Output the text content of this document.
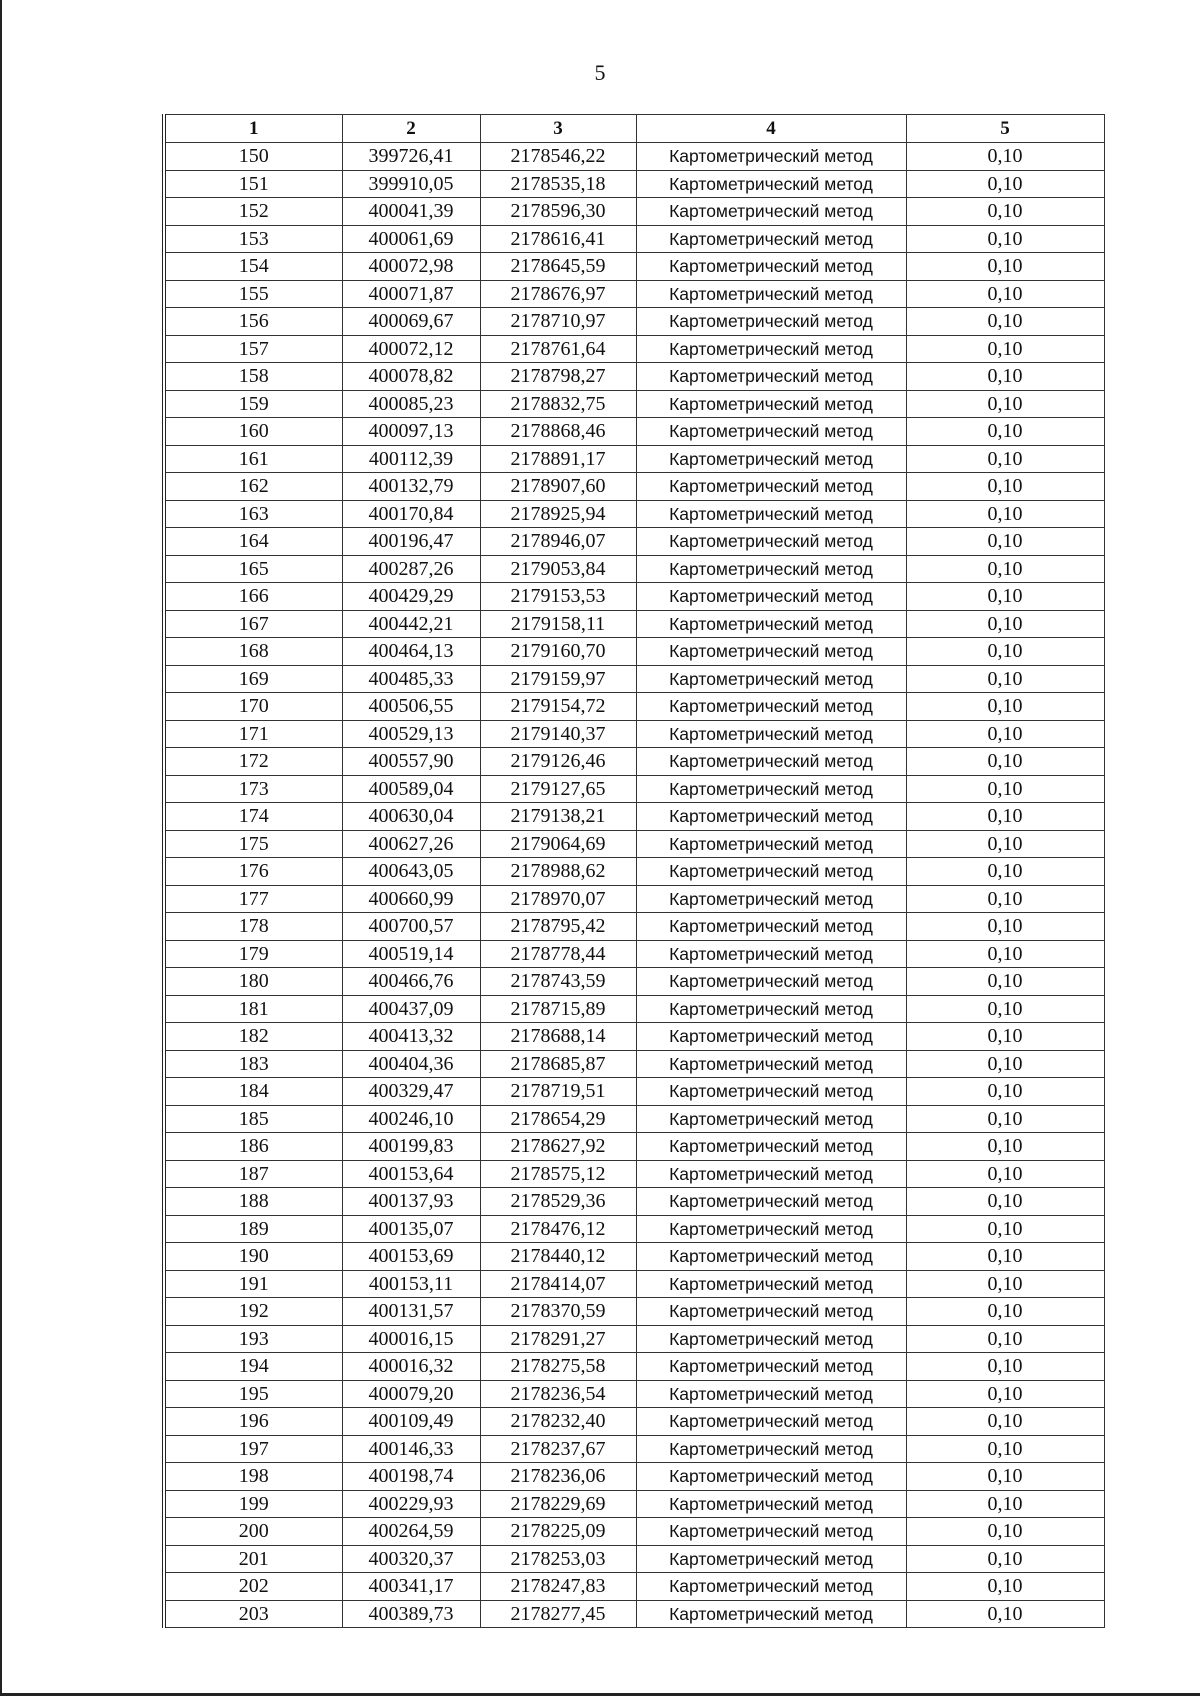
5
1	2	3	4	5
150	399726,41	2178546,22	Картометрический метод	0,10
151	399910,05	2178535,18	Картометрический метод	0,10
152	400041,39	2178596,30	Картометрический метод	0,10
153	400061,69	2178616,41	Картометрический метод	0,10
154	400072,98	2178645,59	Картометрический метод	0,10
155	400071,87	2178676,97	Картометрический метод	0,10
156	400069,67	2178710,97	Картометрический метод	0,10
157	400072,12	2178761,64	Картометрический метод	0,10
158	400078,82	2178798,27	Картометрический метод	0,10
159	400085,23	2178832,75	Картометрический метод	0,10
160	400097,13	2178868,46	Картометрический метод	0,10
161	400112,39	2178891,17	Картометрический метод	0,10
162	400132,79	2178907,60	Картометрический метод	0,10
163	400170,84	2178925,94	Картометрический метод	0,10
164	400196,47	2178946,07	Картометрический метод	0,10
165	400287,26	2179053,84	Картометрический метод	0,10
166	400429,29	2179153,53	Картометрический метод	0,10
167	400442,21	2179158,11	Картометрический метод	0,10
168	400464,13	2179160,70	Картометрический метод	0,10
169	400485,33	2179159,97	Картометрический метод	0,10
170	400506,55	2179154,72	Картометрический метод	0,10
171	400529,13	2179140,37	Картометрический метод	0,10
172	400557,90	2179126,46	Картометрический метод	0,10
173	400589,04	2179127,65	Картометрический метод	0,10
174	400630,04	2179138,21	Картометрический метод	0,10
175	400627,26	2179064,69	Картометрический метод	0,10
176	400643,05	2178988,62	Картометрический метод	0,10
177	400660,99	2178970,07	Картометрический метод	0,10
178	400700,57	2178795,42	Картометрический метод	0,10
179	400519,14	2178778,44	Картометрический метод	0,10
180	400466,76	2178743,59	Картометрический метод	0,10
181	400437,09	2178715,89	Картометрический метод	0,10
182	400413,32	2178688,14	Картометрический метод	0,10
183	400404,36	2178685,87	Картометрический метод	0,10
184	400329,47	2178719,51	Картометрический метод	0,10
185	400246,10	2178654,29	Картометрический метод	0,10
186	400199,83	2178627,92	Картометрический метод	0,10
187	400153,64	2178575,12	Картометрический метод	0,10
188	400137,93	2178529,36	Картометрический метод	0,10
189	400135,07	2178476,12	Картометрический метод	0,10
190	400153,69	2178440,12	Картометрический метод	0,10
191	400153,11	2178414,07	Картометрический метод	0,10
192	400131,57	2178370,59	Картометрический метод	0,10
193	400016,15	2178291,27	Картометрический метод	0,10
194	400016,32	2178275,58	Картометрический метод	0,10
195	400079,20	2178236,54	Картометрический метод	0,10
196	400109,49	2178232,40	Картометрический метод	0,10
197	400146,33	2178237,67	Картометрический метод	0,10
198	400198,74	2178236,06	Картометрический метод	0,10
199	400229,93	2178229,69	Картометрический метод	0,10
200	400264,59	2178225,09	Картометрический метод	0,10
201	400320,37	2178253,03	Картометрический метод	0,10
202	400341,17	2178247,83	Картометрический метод	0,10
203	400389,73	2178277,45	Картометрический метод	0,10
